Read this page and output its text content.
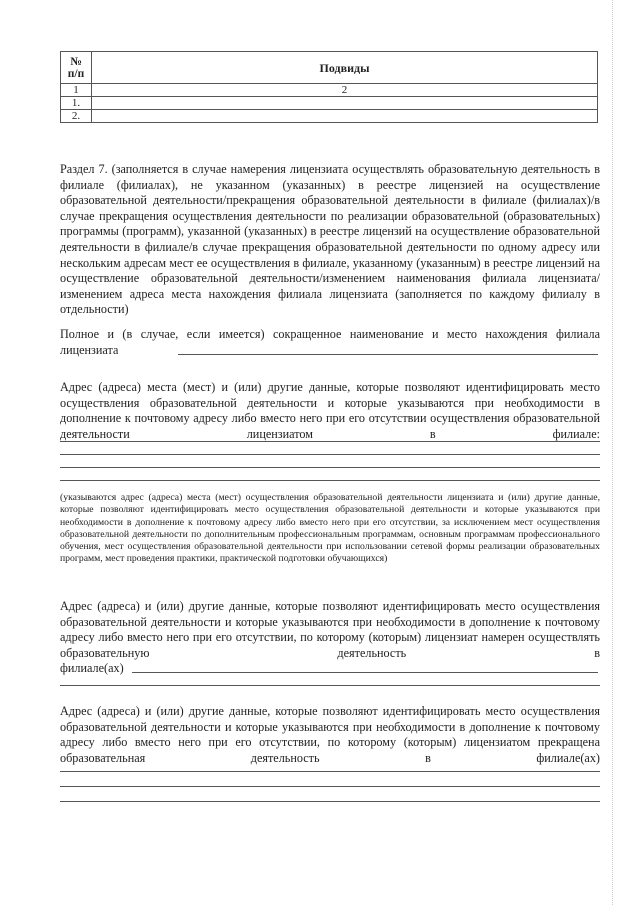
№ п/п	Подвиды
1	2
1.	
2.	

Раздел 7. (заполняется в случае намерения лицензиата осуществлять образовательную деятельность в филиале (филиалах), не указанном (указанных) в реестре лицензией на осуществление образовательной деятельности/прекращения образовательной деятельности в филиале (филиалах)/в случае прекращения осуществления деятельности по реализации образовательной (образовательных) программы (программ), указанной (указанных) в реестре лицензий на осуществление образовательной деятельности в филиале/в случае прекращения образовательной деятельности по одному адресу или нескольким адресам мест ее осуществления в филиале, указанному (указанным) в реестре лицензий на осуществление образовательной деятельности/изменением наименования филиала лицензиата/изменением адреса места нахождения филиала лицензиата (заполняется по каждому филиалу в отдельности)

Полное и (в случае, если имеется) сокращенное наименование и место нахождения филиала лицензиата

Адрес (адреса) места (мест) и (или) другие данные, которые позволяют идентифицировать место осуществления образовательной деятельности и которые указываются при необходимости в дополнение к почтовому адресу либо вместо него при его отсутствии осуществления образовательной деятельности лицензиатом в филиале:

(указываются адрес (адреса) места (мест) осуществления образовательной деятельности лицензиата и (или) другие данные, которые позволяют идентифицировать место осуществления образовательной деятельности и которые указываются при необходимости в дополнение к почтовому адресу либо вместо него при его отсутствии, за исключением мест осуществления образовательной деятельности по дополнительным профессиональным программам, основным программам профессионального обучения, мест осуществления образовательной деятельности при использовании сетевой формы реализации образовательных программ, мест проведения практики, практической подготовки обучающихся)

Адрес (адреса) и (или) другие данные, которые позволяют идентифицировать место осуществления образовательной деятельности и которые указываются при необходимости в дополнение к почтовому адресу либо вместо него при его отсутствии, по которому (которым) лицензиат намерен осуществлять образовательную деятельность в

филиале(ах)

Адрес (адреса) и (или) другие данные, которые позволяют идентифицировать место осуществления образовательной деятельности и которые указываются при необходимости в дополнение к почтовому адресу либо вместо него при его отсутствии, по которому (которым) лицензиатом прекращена образовательная деятельность в филиале(ах)
